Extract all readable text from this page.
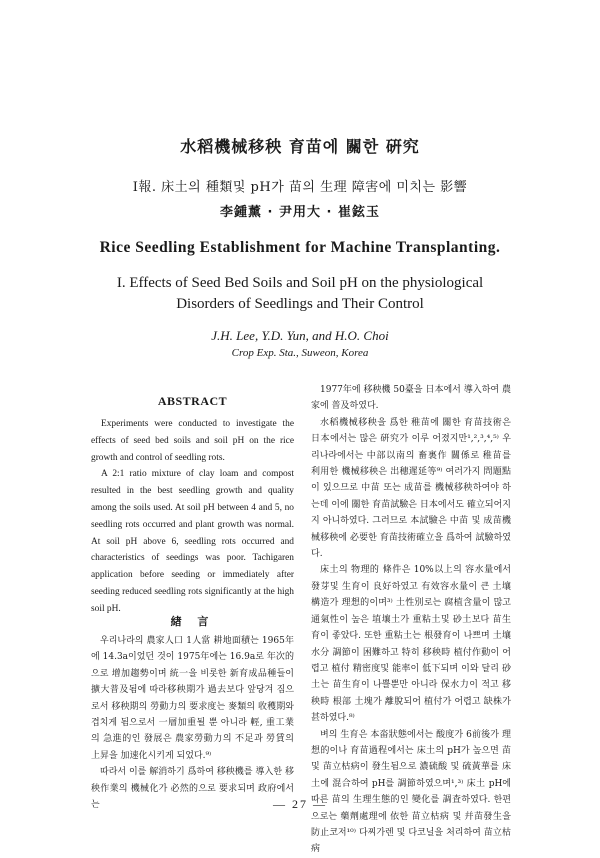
水稻機械移秧 育苗에 關한 硏究
Ⅰ報. 床土의 種類및 pH가 苗의 生理 障害에 미치는 影響
李鍾薰 · 尹用大 · 崔鉉玉
Rice Seedling Establishment for Machine Transplanting.
I. Effects of Seed Bed Soils and Soil pH on the physiological
Disorders of Seedlings and Their Control
J.H. Lee, Y.D. Yun, and H.O. Choi
Crop Exp. Sta., Suweon, Korea
ABSTRACT

Experiments were conducted to investigate the effects of seed bed soils and soil pH on the rice growth and control of seedling rots.

A 2:1 ratio mixture of clay loam and compost resulted in the best seedling growth and quality among the soils used. At soil pH between 4 and 5, no seedling rots occurred and plant growth was normal. At soil pH above 6, seedling rots occurred and characteristics of seedings was poor. Tachigaren application before seeding or immediately after seeding reduced seedling rots significantly at the high soil pH.

緖 言

우리나라의 農家人口 1人當 耕地面積는 1965年에 14.3a이었던 것이 1975年에는 16.9a로 年次的으로 增加趨勢이며 統一을 비롯한 新育成品種들이 擴大普及됨에 따라移秧期가 過去보다 앞당겨 짐으로서 移秧期의 勞動力의 要求度는 麥類의 收穫期와 겹치게 됨으로서 一層加重될 뿐 아니라 輕, 重工業의 急進的인 發展은 農家勞動力의 不足과 勞賃의 上昇을 加速化시키게 되었다.⁹⁾

따라서 이를 解消하기 爲하여 移秧機를 導入한 移秧作業의 機械化가 必然的으로 要求되며 政府에서는

1977年에 移秧機 50臺을 日本에서 導入하여 農家에 普及하였다.

水稻機械移秧을 爲한 稚苗에 關한 育苗技術은 日本에서는 많은 硏究가 이루 어졌지만¹,²,³,⁴,⁵⁾ 우리나라에서는 中部以南의 畜裏作 關係로 稚苗를 利用한 機械移秧은 出穗遲延等⁹⁾ 여러가지 問題點이 있으므로 中苗 또는 成苗를 機械移秧하여야 하는데 이에 關한 育苗試驗은 日本에서도 確立되어지지 아니하였다. 그러므로 本試驗은 中苗 및 成苗機械移秧에 必要한 育苗技術確立을 爲하여 試驗하였다.

床土의 物理的 條件은 10%以上의 容水量에서 發芽및 生育이 良好하였고 有效容水量이 큰 土壤構造가 理想的이며³⁾ 土性別로는 腐植含量이 많고 通氣性이 높은 埴壤土가 重粘土및 砂土보다 苗生育이 좋았다. 또한 重粘土는 根發育이 나쁘며 土壤水分 調節이 困難하고 特히 移秧時 植付作動이 어렵고 植付 精密度및 能率이 低下되며 이와 달리 砂土는 苗生育이 나쁠뿐만 아니라 保水力이 적고 移秧時 根部 土塊가 離脫되어 植付가 어렵고 缺株가 甚하였다.⁸⁾

벼의 生育은 本畓狀態에서는 酸度가 6前後가 理想的이나 育苗過程에서는 床土의 pH가 높으면 苗 및 苗立枯病이 發生됨으로 濃硫酸 및 硫黃華를 床土에 混合하여 pH를 調節하였으며¹,³⁾ 床土 pH에 따른 苗의 生理生態的인 變化를 調査하였다. 한편으로는 藥劑處理에 依한 苗立枯病 및 幷苗發生을 防止코저¹⁰⁾ 다찌가렌 및 다코닐을 처리하여 苗立枯病

— 27 —
